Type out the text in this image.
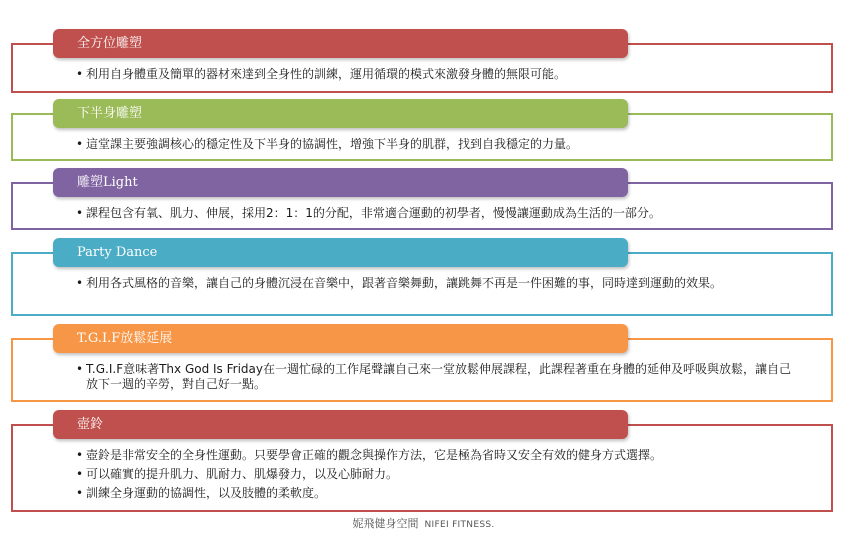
全方位雕塑
• 利用自身體重及簡單的器材來達到全身性的訓練，運用循環的模式來激發身體的無限可能。
下半身雕塑
• 這堂課主要強調核心的穩定性及下半身的協調性，增強下半身的肌群，找到自我穩定的力量。
雕塑Light
• 課程包含有氧、肌力、伸展，採用2：1：1的分配，非常適合運動的初學者，慢慢讓運動成為生活的一部分。
Party Dance
• 利用各式風格的音樂，讓自己的身體沉浸在音樂中，跟著音樂舞動，讓跳舞不再是一件困難的事，同時達到運動的效果。
T.G.I.F放鬆延展
• T.G.I.F意味著Thx God Is Friday在一週忙碌的工作尾聲讓自己來一堂放鬆伸展課程，此課程著重在身體的延伸及呼吸與放鬆，讓自己放下一週的辛勞，對自己好一點。
壺鈴
• 壺鈴是非常安全的全身性運動。只要學會正確的觀念與操作方法，它是極為省時又安全有效的健身方式選擇。
• 可以確實的提升肌力、肌耐力、肌爆發力，以及心肺耐力。
• 訓練全身運動的協調性，以及肢體的柔軟度。
妮飛健身空間 NIFEI FITNESS.
